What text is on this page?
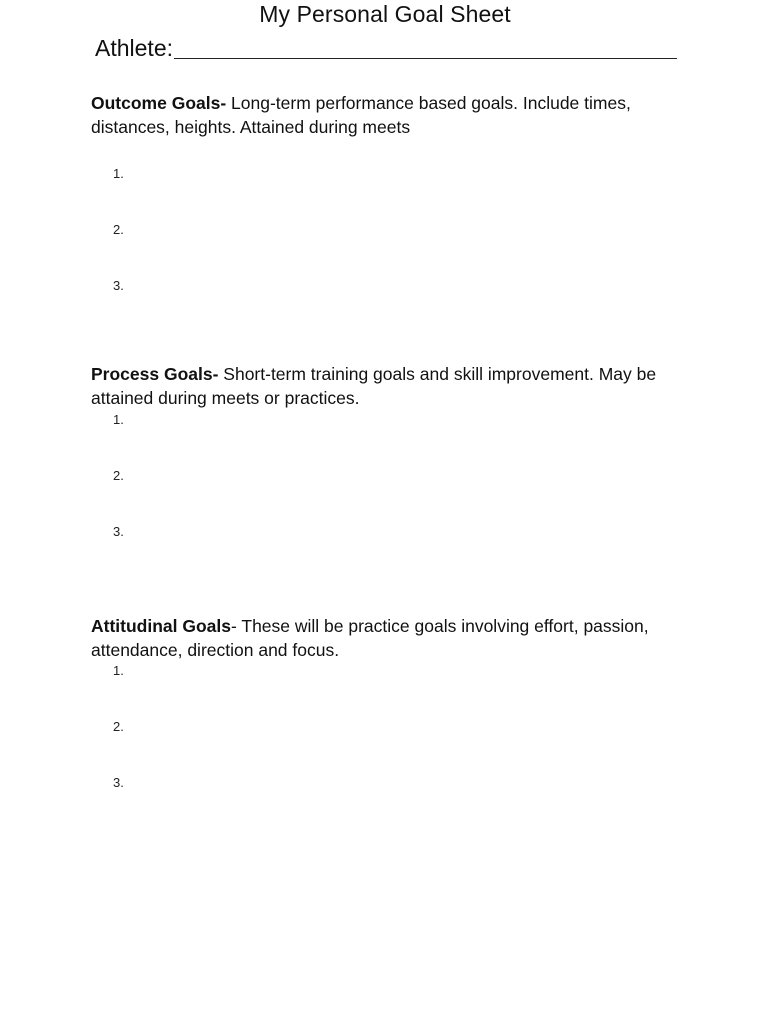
My Personal Goal Sheet
Athlete:

Outcome Goals- Long-term performance based goals. Include times, distances, heights. Attained during meets

1.
2.
3.

Process Goals- Short-term training goals and skill improvement. May be attained during meets or practices.

1.
2.
3.

Attitudinal Goals- These will be practice goals involving effort, passion, attendance, direction and focus.

1.
2.
3.
